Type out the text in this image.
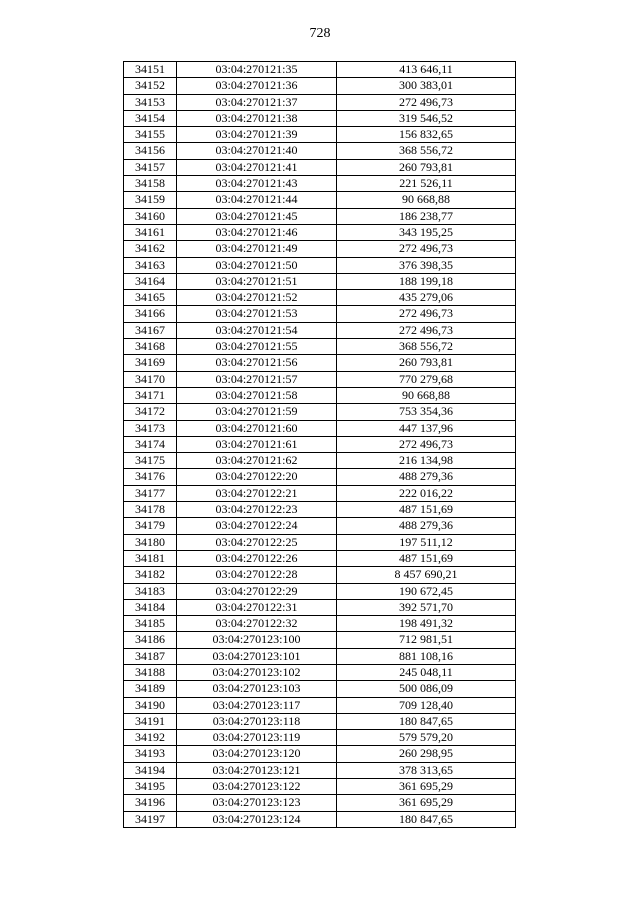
728
34151	03:04:270121:35	413 646,11
34152	03:04:270121:36	300 383,01
34153	03:04:270121:37	272 496,73
34154	03:04:270121:38	319 546,52
34155	03:04:270121:39	156 832,65
34156	03:04:270121:40	368 556,72
34157	03:04:270121:41	260 793,81
34158	03:04:270121:43	221 526,11
34159	03:04:270121:44	90 668,88
34160	03:04:270121:45	186 238,77
34161	03:04:270121:46	343 195,25
34162	03:04:270121:49	272 496,73
34163	03:04:270121:50	376 398,35
34164	03:04:270121:51	188 199,18
34165	03:04:270121:52	435 279,06
34166	03:04:270121:53	272 496,73
34167	03:04:270121:54	272 496,73
34168	03:04:270121:55	368 556,72
34169	03:04:270121:56	260 793,81
34170	03:04:270121:57	770 279,68
34171	03:04:270121:58	90 668,88
34172	03:04:270121:59	753 354,36
34173	03:04:270121:60	447 137,96
34174	03:04:270121:61	272 496,73
34175	03:04:270121:62	216 134,98
34176	03:04:270122:20	488 279,36
34177	03:04:270122:21	222 016,22
34178	03:04:270122:23	487 151,69
34179	03:04:270122:24	488 279,36
34180	03:04:270122:25	197 511,12
34181	03:04:270122:26	487 151,69
34182	03:04:270122:28	8 457 690,21
34183	03:04:270122:29	190 672,45
34184	03:04:270122:31	392 571,70
34185	03:04:270122:32	198 491,32
34186	03:04:270123:100	712 981,51
34187	03:04:270123:101	881 108,16
34188	03:04:270123:102	245 048,11
34189	03:04:270123:103	500 086,09
34190	03:04:270123:117	709 128,40
34191	03:04:270123:118	180 847,65
34192	03:04:270123:119	579 579,20
34193	03:04:270123:120	260 298,95
34194	03:04:270123:121	378 313,65
34195	03:04:270123:122	361 695,29
34196	03:04:270123:123	361 695,29
34197	03:04:270123:124	180 847,65
